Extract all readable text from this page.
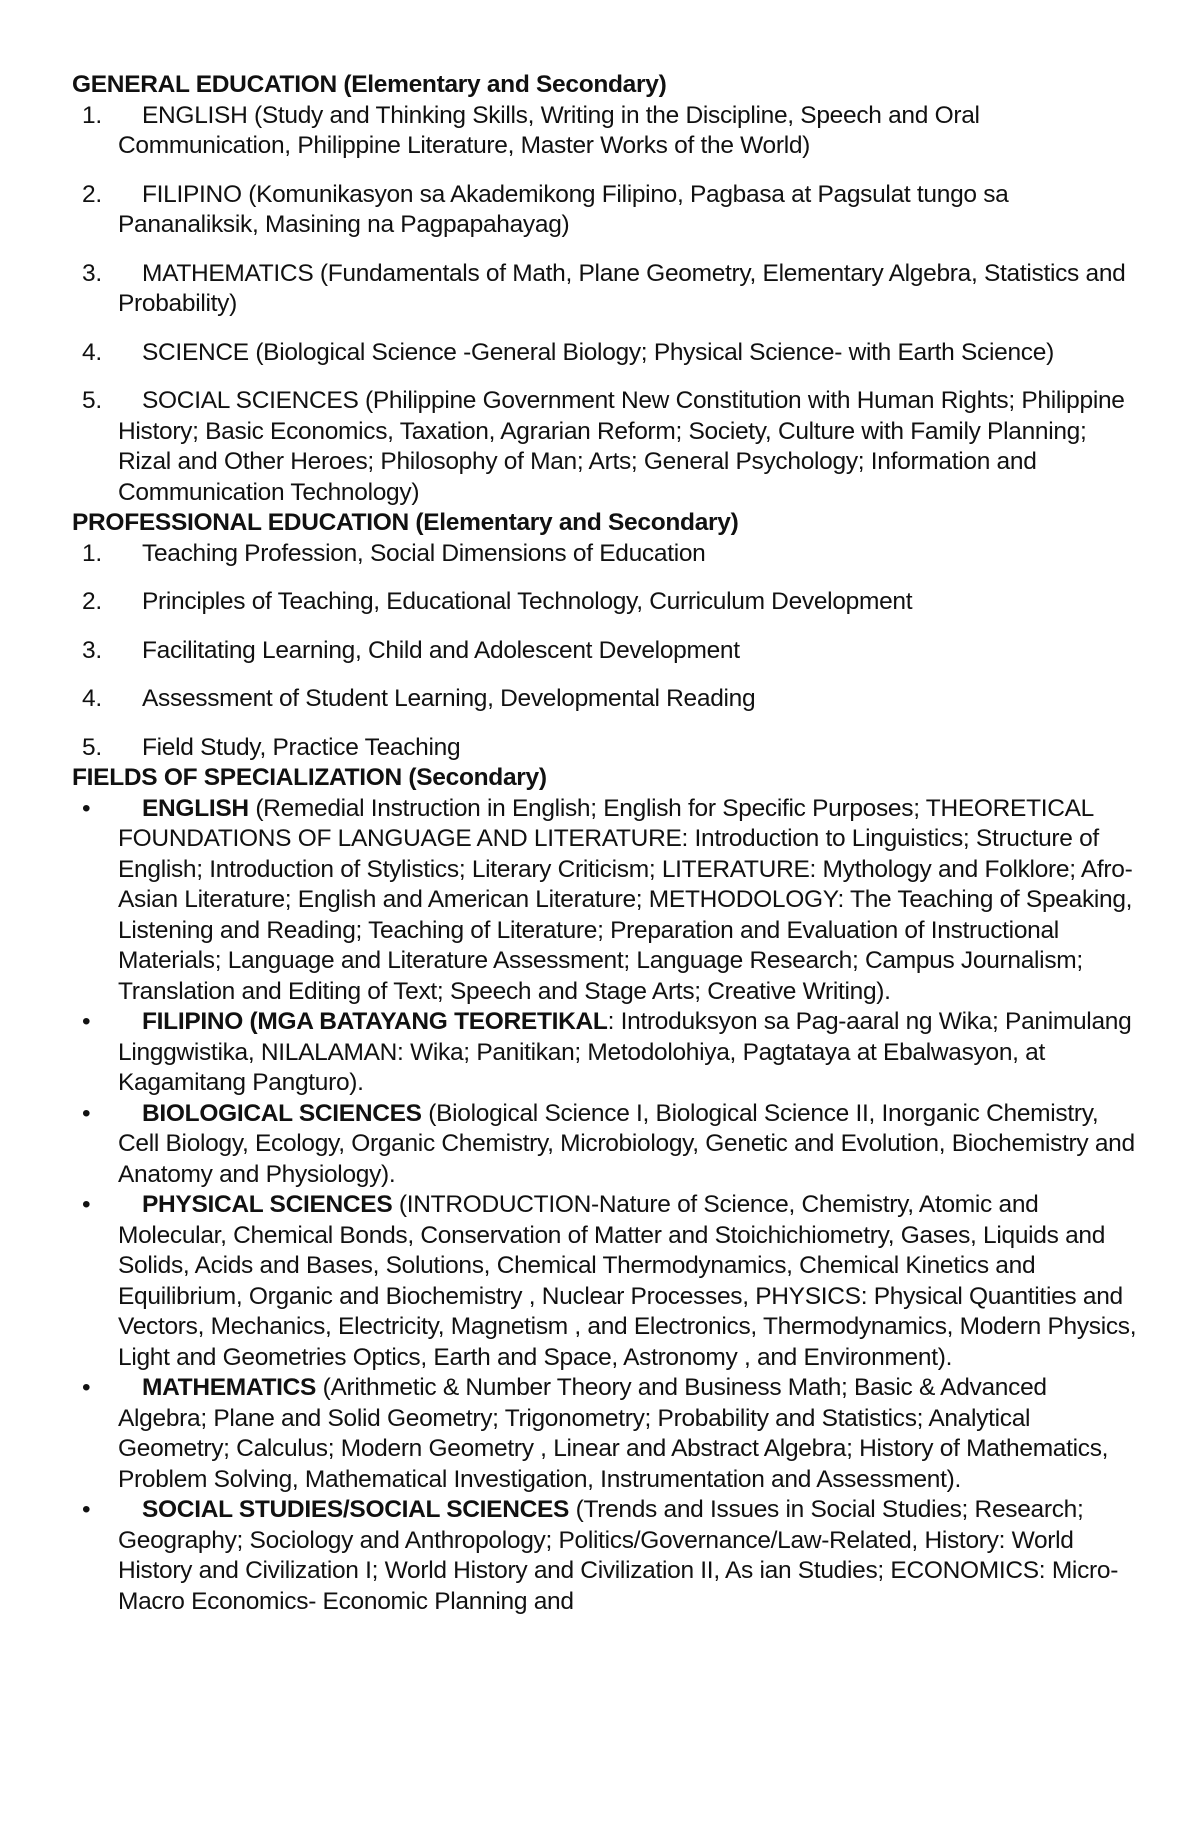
GENERAL EDUCATION (Elementary and Secondary)

1. ENGLISH (Study and Thinking Skills, Writing in the Discipline, Speech and Oral Communication, Philippine Literature, Master Works of the World)
2. FILIPINO (Komunikasyon sa Akademikong Filipino, Pagbasa at Pagsulat tungo sa Pananaliksik, Masining na Pagpapahayag)
3. MATHEMATICS (Fundamentals of Math, Plane Geometry, Elementary Algebra, Statistics and Probability)
4. SCIENCE (Biological Science -General Biology; Physical Science- with Earth Science)
5. SOCIAL SCIENCES (Philippine Government New Constitution with Human Rights; Philippine History; Basic Economics, Taxation, Agrarian Reform; Society, Culture with Family Planning; Rizal and Other Heroes; Philosophy of Man; Arts; General Psychology; Information and Communication Technology)

PROFESSIONAL EDUCATION (Elementary and Secondary)

1. Teaching Profession, Social Dimensions of Education
2. Principles of Teaching, Educational Technology, Curriculum Development
3. Facilitating Learning, Child and Adolescent Development
4. Assessment of Student Learning, Developmental Reading
5. Field Study, Practice Teaching

FIELDS OF SPECIALIZATION (Secondary)

• ENGLISH (Remedial Instruction in English; English for Specific Purposes; THEORETICAL FOUNDATIONS OF LANGUAGE AND LITERATURE: Introduction to Linguistics; Structure of English; Introduction of Stylistics; Literary Criticism; LITERATURE: Mythology and Folklore; Afro-Asian Literature; English and American Literature; METHODOLOGY: The Teaching of Speaking, Listening and Reading; Teaching of Literature; Preparation and Evaluation of Instructional Materials; Language and Literature Assessment; Language Research; Campus Journalism; Translation and Editing of Text; Speech and Stage Arts; Creative Writing).
• FILIPINO (MGA BATAYANG TEORETIKAL: Introduksyon sa Pag-aaral ng Wika; Panimulang Linggwistika, NILALAMAN: Wika; Panitikan; Metodolohiya, Pagtataya at Ebalwasyon, at Kagamitang Pangturo).
• BIOLOGICAL SCIENCES (Biological Science I, Biological Science II, Inorganic Chemistry, Cell Biology, Ecology, Organic Chemistry, Microbiology, Genetic and Evolution, Biochemistry and Anatomy and Physiology).
• PHYSICAL SCIENCES (INTRODUCTION-Nature of Science, Chemistry, Atomic and Molecular, Chemical Bonds, Conservation of Matter and Stoichichiometry, Gases, Liquids and Solids, Acids and Bases, Solutions, Chemical Thermodynamics, Chemical Kinetics and Equilibrium, Organic and Biochemistry , Nuclear Processes, PHYSICS: Physical Quantities and Vectors, Mechanics, Electricity, Magnetism , and Electronics, Thermodynamics, Modern Physics, Light and Geometries Optics, Earth and Space, Astronomy , and Environment).
• MATHEMATICS (Arithmetic & Number Theory and Business Math; Basic & Advanced Algebra; Plane and Solid Geometry; Trigonometry; Probability and Statistics; Analytical Geometry; Calculus; Modern Geometry , Linear and Abstract Algebra; History of Mathematics, Problem Solving, Mathematical Investigation, Instrumentation and Assessment).
• SOCIAL STUDIES/SOCIAL SCIENCES (Trends and Issues in Social Studies; Research; Geography; Sociology and Anthropology; Politics/Governance/Law-Related, History: World History and Civilization I; World History and Civilization II, As ian Studies; ECONOMICS: Micro-Macro Economics- Economic Planning and
